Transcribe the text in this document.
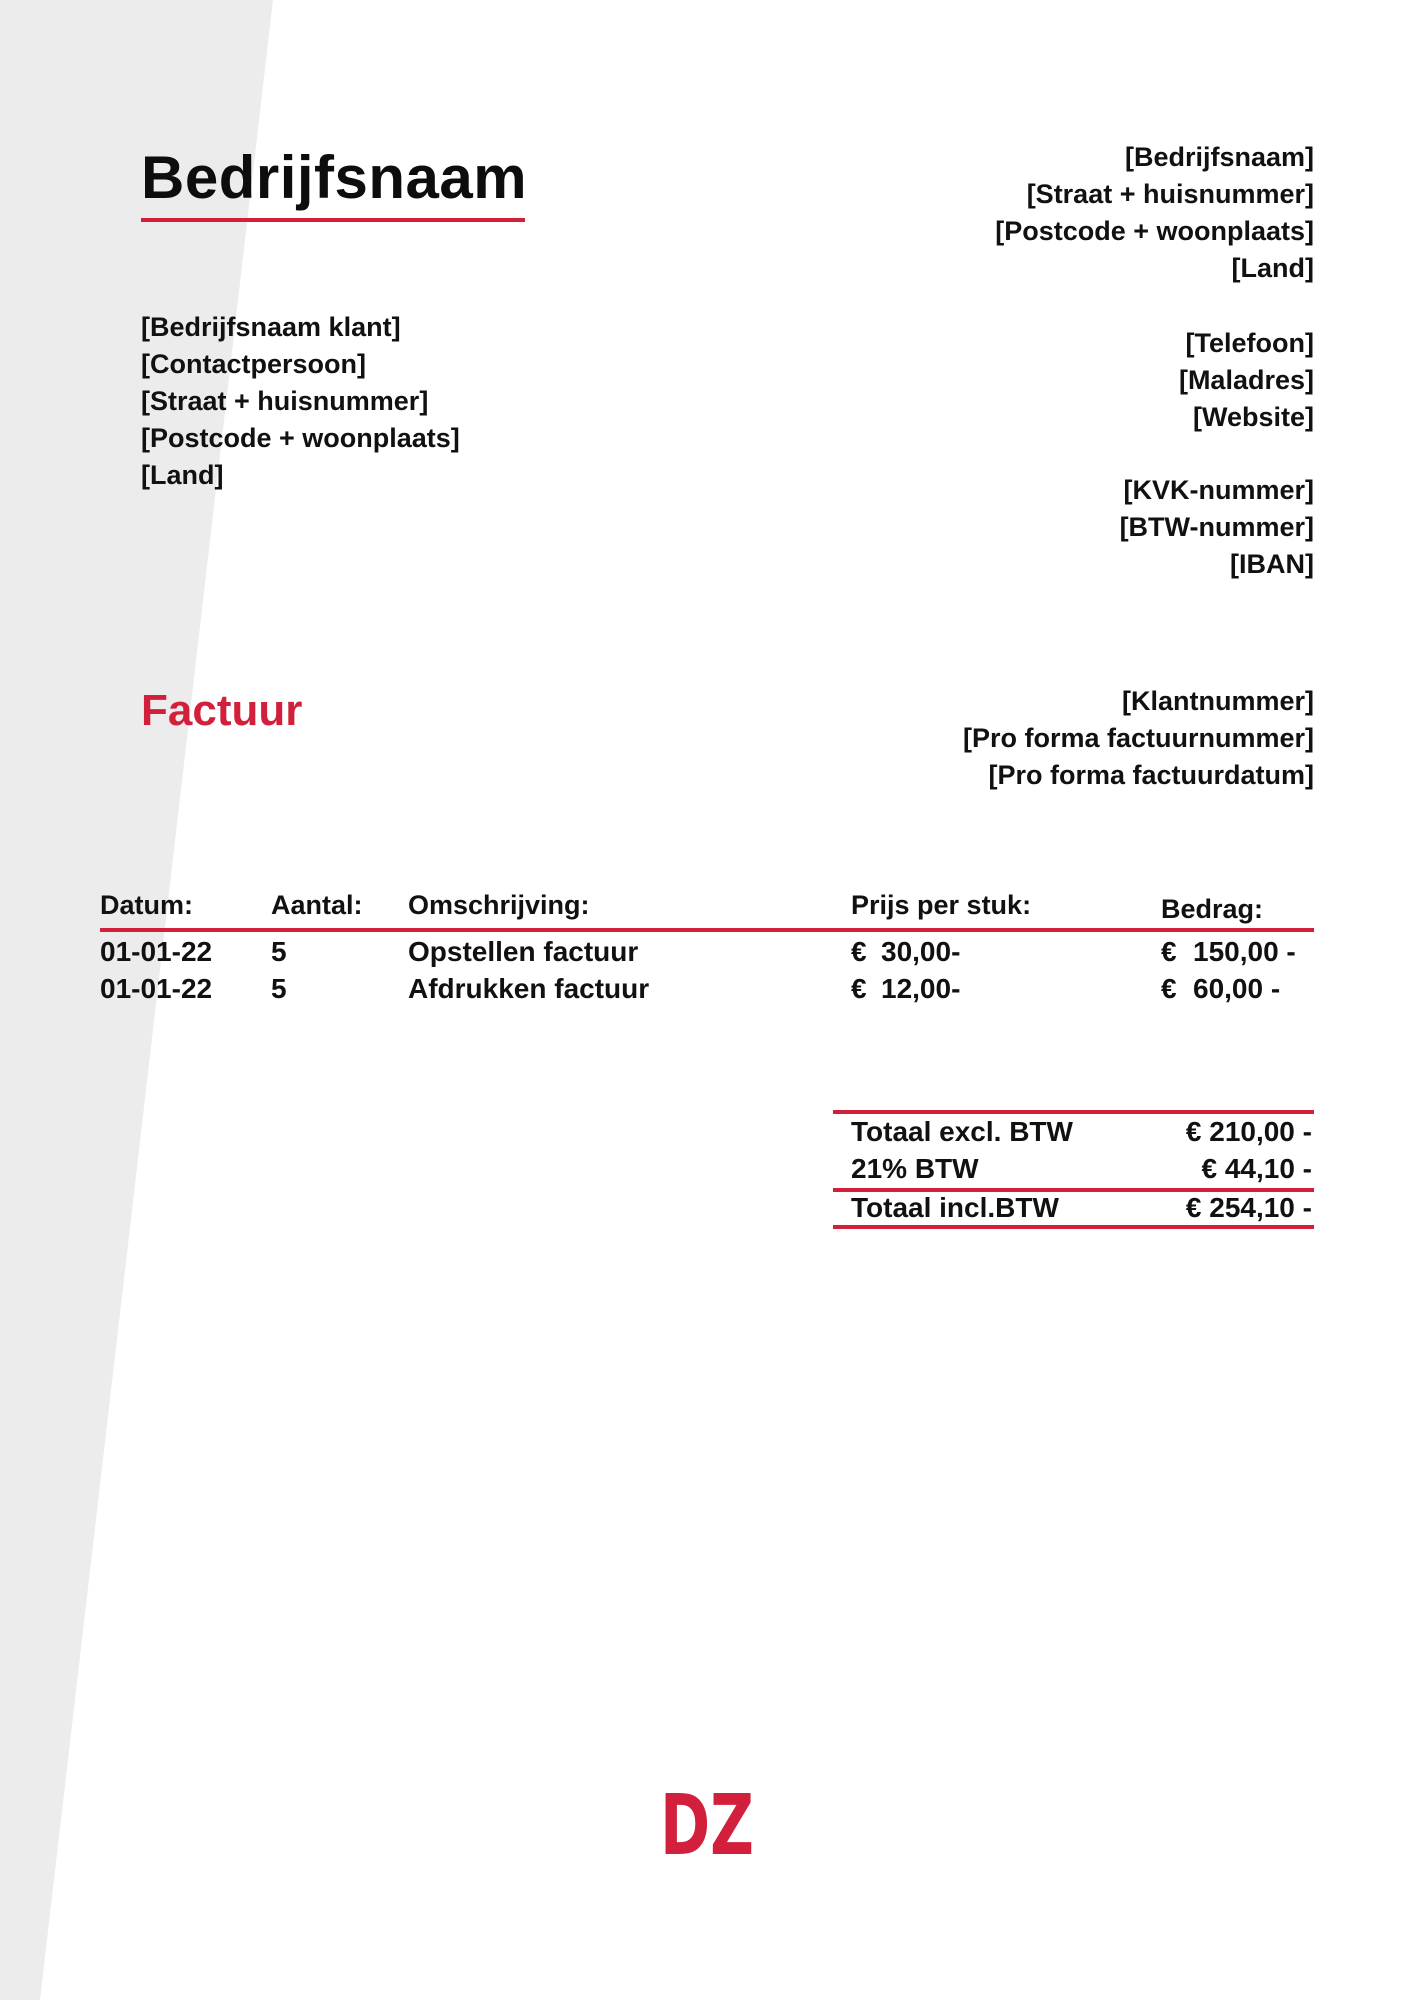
Bedrijfsnaam	[Bedrijfsnaam]
[Straat + huisnummer]
[Postcode + woonplaats]
[Land]
[Telefoon]
[Maladres]
[Website]
[KVK-nummer]
[BTW-nummer]
[IBAN]
[Bedrijfsnaam klant]
[Contactpersoon]
[Straat + huisnummer]
[Postcode + woonplaats]
[Land]
Factuur	[Klantnummer]
[Pro forma factuurnummer]
[Pro forma factuurdatum]
Datum:	Aantal: Omschrijving:	Prijs per stuk:	Bedrag:
01-01-22 5	Opstellen factuur	€ 30,00-	€ 150,00 -
01-01-22 5	Afdrukken factuur	€ 12,00-	€ 60,00 -
Totaal excl. BTW	€ 210,00 -
21% BTW	€ 44,10 -
Totaal incl.BTW	€ 254,10 -
DZ
